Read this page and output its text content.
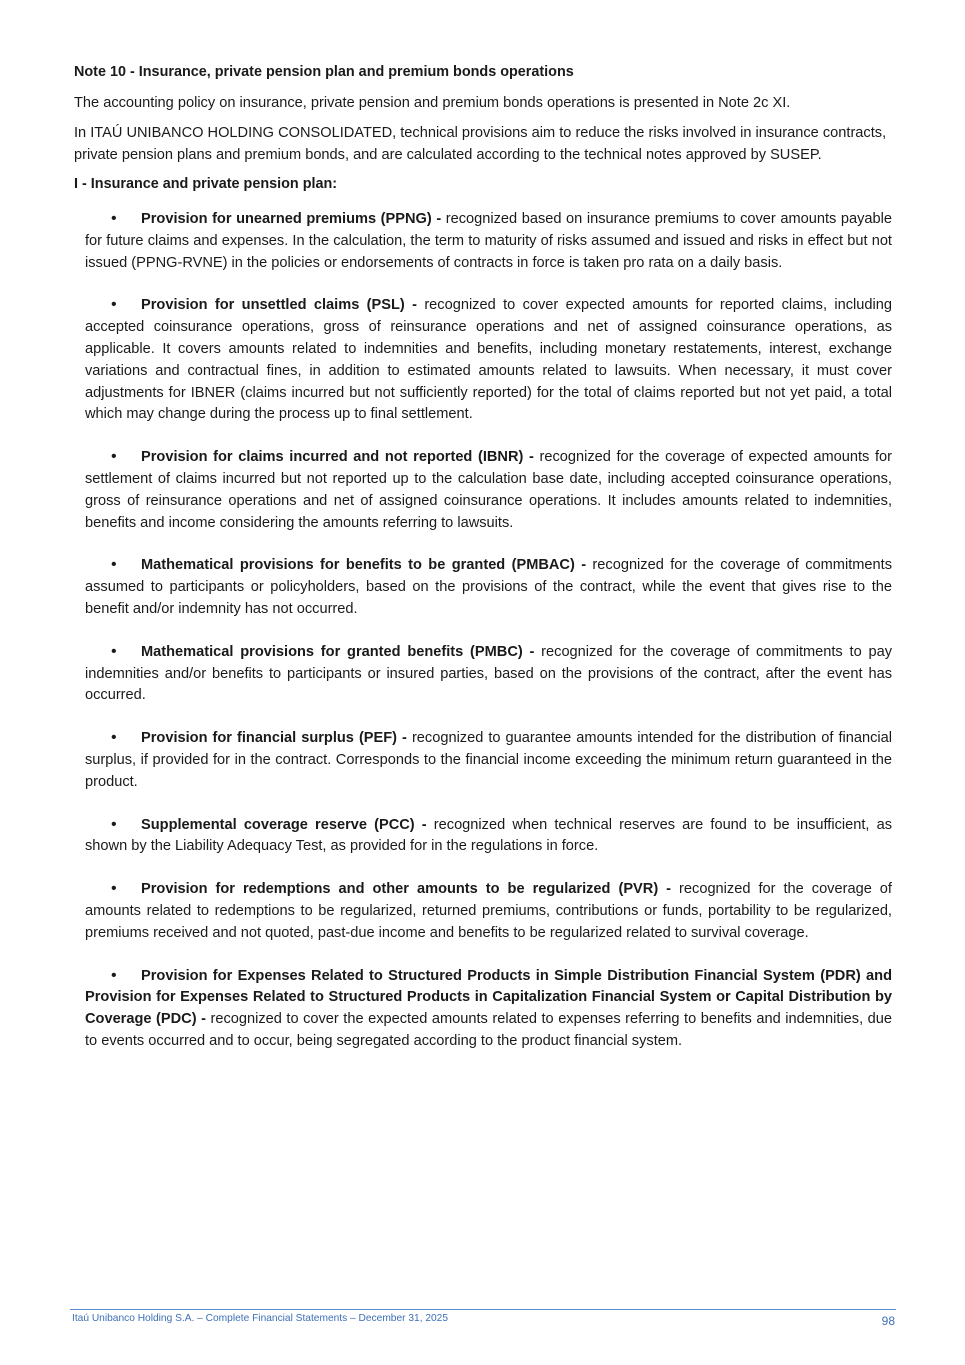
Note 10 - Insurance, private pension plan and premium bonds operations

The accounting policy on insurance, private pension and premium bonds operations is presented in Note 2c XI.

In ITAÚ UNIBANCO HOLDING CONSOLIDATED, technical provisions aim to reduce the risks involved in insurance contracts, private pension plans and premium bonds, and are calculated according to the technical notes approved by SUSEP.

I - Insurance and private pension plan:
• Provision for unearned premiums (PPNG) - recognized based on insurance premiums to cover amounts payable for future claims and expenses. In the calculation, the term to maturity of risks assumed and issued and risks in effect but not issued (PPNG-RVNE) in the policies or endorsements of contracts in force is taken pro rata on a daily basis.
• Provision for unsettled claims (PSL) - recognized to cover expected amounts for reported claims, including accepted coinsurance operations, gross of reinsurance operations and net of assigned coinsurance operations, as applicable. It covers amounts related to indemnities and benefits, including monetary restatements, interest, exchange variations and contractual fines, in addition to estimated amounts related to lawsuits. When necessary, it must cover adjustments for IBNER (claims incurred but not sufficiently reported) for the total of claims reported but not yet paid, a total which may change during the process up to final settlement.
• Provision for claims incurred and not reported (IBNR) - recognized for the coverage of expected amounts for settlement of claims incurred but not reported up to the calculation base date, including accepted coinsurance operations, gross of reinsurance operations and net of assigned coinsurance operations. It includes amounts related to indemnities, benefits and income considering the amounts referring to lawsuits.
• Mathematical provisions for benefits to be granted (PMBAC) - recognized for the coverage of commitments assumed to participants or policyholders, based on the provisions of the contract, while the event that gives rise to the benefit and/or indemnity has not occurred.
• Mathematical provisions for granted benefits (PMBC) - recognized for the coverage of commitments to pay indemnities and/or benefits to participants or insured parties, based on the provisions of the contract, after the event has occurred.
• Provision for financial surplus (PEF) - recognized to guarantee amounts intended for the distribution of financial surplus, if provided for in the contract. Corresponds to the financial income exceeding the minimum return guaranteed in the product.
• Supplemental coverage reserve (PCC) - recognized when technical reserves are found to be insufficient, as shown by the Liability Adequacy Test, as provided for in the regulations in force.
• Provision for redemptions and other amounts to be regularized (PVR) - recognized for the coverage of amounts related to redemptions to be regularized, returned premiums, contributions or funds, portability to be regularized, premiums received and not quoted, past-due income and benefits to be regularized related to survival coverage.
• Provision for Expenses Related to Structured Products in Simple Distribution Financial System (PDR) and Provision for Expenses Related to Structured Products in Capitalization Financial System or Capital Distribution by Coverage (PDC) - recognized to cover the expected amounts related to expenses referring to benefits and indemnities, due to events occurred and to occur, being segregated according to the product financial system.
Itaú Unibanco Holding S.A. – Complete Financial Statements – December 31, 2025	98
